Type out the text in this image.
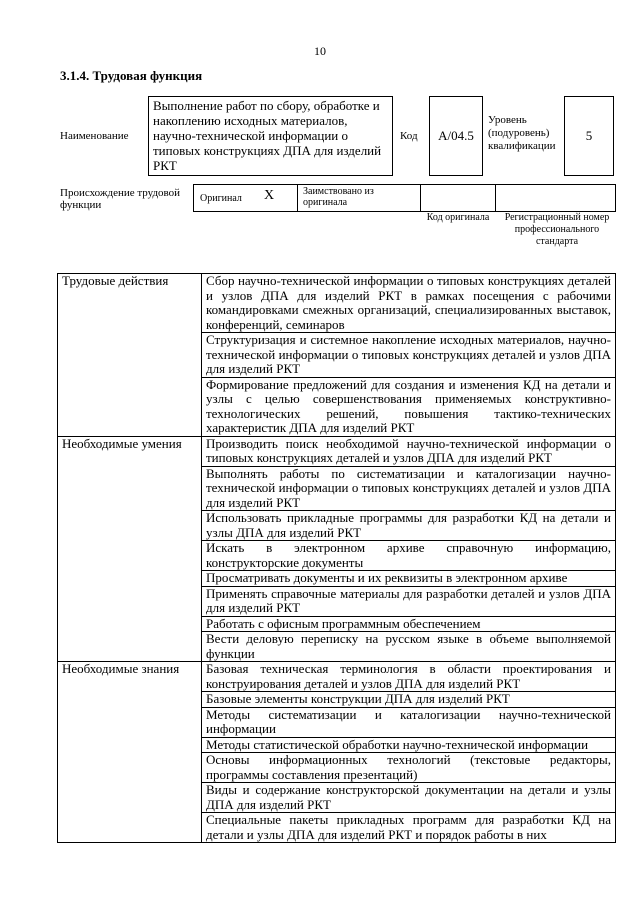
10
3.1.4. Трудовая функция
Наименование
Выполнение работ по сбору, обработке и накоплению исходных материалов, научно-технической информации о типовых конструкциях ДПА для изделий РКТ
Код	А/04.5
Уровень (подуровень) квалификации
5
Происхождение трудовой функции
Оригинал X	Заимствовано из оригинала
Код оригинала	Регистрационный номер профессионального стандарта
Трудовые действия	Сбор научно-технической информации о типовых конструкциях деталей и узлов ДПА для изделий РКТ в рамках посещения с рабочими командировками смежных организаций, специализированных выставок, конференций, семинаров
	Структуризация и системное накопление исходных материалов, научно-технической информации о типовых конструкциях деталей и узлов ДПА для изделий РКТ
	Формирование предложений для создания и изменения КД на детали и узлы с целью совершенствования применяемых конструктивно-технологических решений, повышения тактико-технических характеристик ДПА для изделий РКТ
Необходимые умения	Производить поиск необходимой научно-технической информации о типовых конструкциях деталей и узлов ДПА для изделий РКТ
	Выполнять работы по систематизации и каталогизации научно-технической информации о типовых конструкциях деталей и узлов ДПА для изделий РКТ
	Использовать прикладные программы для разработки КД на детали и узлы ДПА для изделий РКТ
	Искать в электронном архиве справочную информацию, конструкторские документы
	Просматривать документы и их реквизиты в электронном архиве
	Применять справочные материалы для разработки деталей и узлов ДПА для изделий РКТ
	Работать с офисным программным обеспечением
	Вести деловую переписку на русском языке в объеме выполняемой функции
Необходимые знания	Базовая техническая терминология в области проектирования и конструирования деталей и узлов ДПА для изделий РКТ
	Базовые элементы конструкции ДПА для изделий РКТ
	Методы систематизации и каталогизации научно-технической информации
	Методы статистической обработки научно-технической информации
	Основы информационных технологий (текстовые редакторы, программы составления презентаций)
	Виды и содержание конструкторской документации на детали и узлы ДПА для изделий РКТ
	Специальные пакеты прикладных программ для разработки КД на детали и узлы ДПА для изделий РКТ и порядок работы в них
